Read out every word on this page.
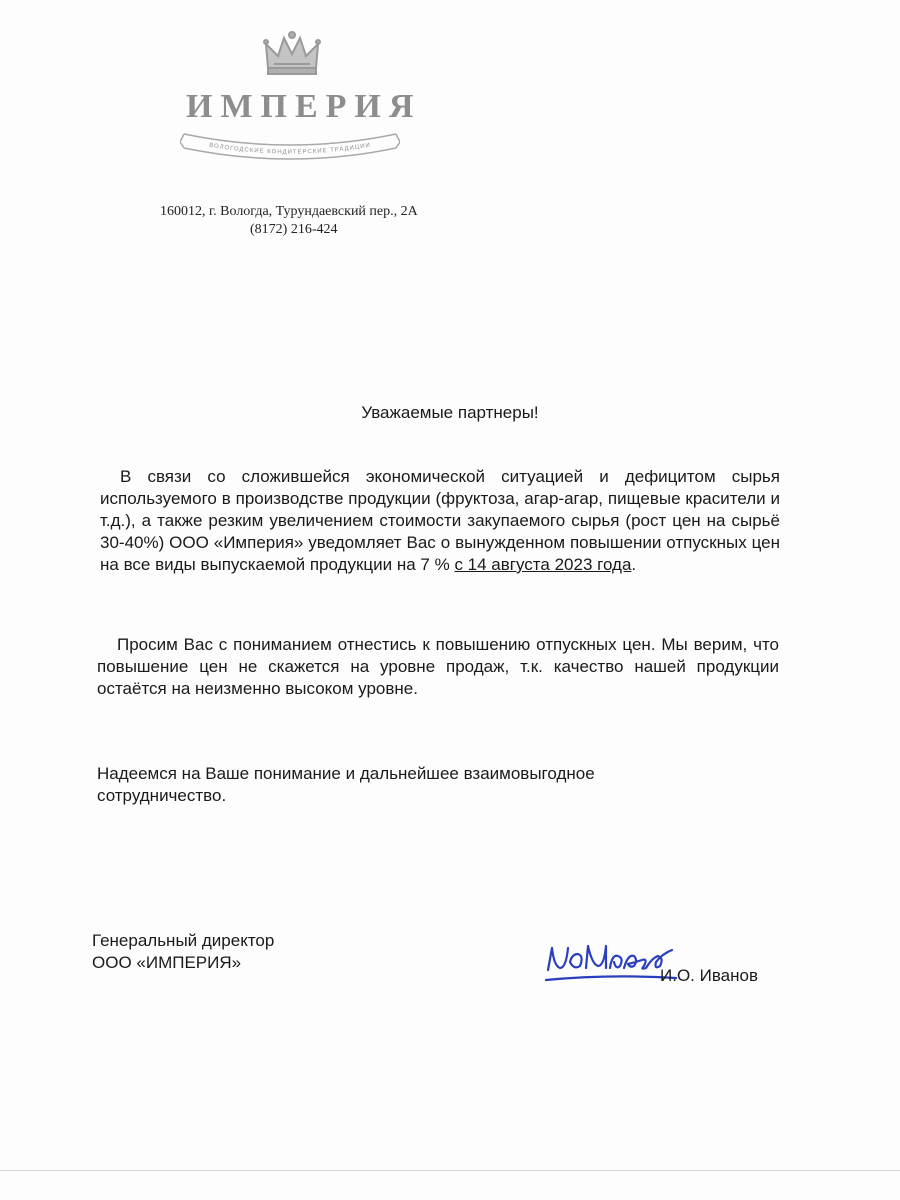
ИМПЕРИЯ
ВОЛОГОДСКИЕ КОНДИТЕРСКИЕ ТРАДИЦИИ
160012, г. Вологда, Турундаевский пер., 2А
(8172) 216-424
Уважаемые партнеры!
В связи со сложившейся экономической ситуацией и дефицитом сырья используемого в производстве продукции (фруктоза, агар-агар, пищевые красители и т.д.), а также резким увеличением стоимости закупаемого сырья (рост цен на сырьё 30-40%) ООО «Империя» уведомляет Вас о вынужденном повышении отпускных цен на все виды выпускаемой продукции на 7 % с 14 августа 2023 года.
Просим Вас с пониманием отнестись к повышению отпускных цен. Мы верим, что повышение цен не скажется на уровне продаж, т.к. качество нашей продукции остаётся на неизменно высоком уровне.
Надеемся на Ваше понимание и дальнейшее взаимовыгодное сотрудничество.
Генеральный директор
ООО «ИМПЕРИЯ»
И.О. Иванов
